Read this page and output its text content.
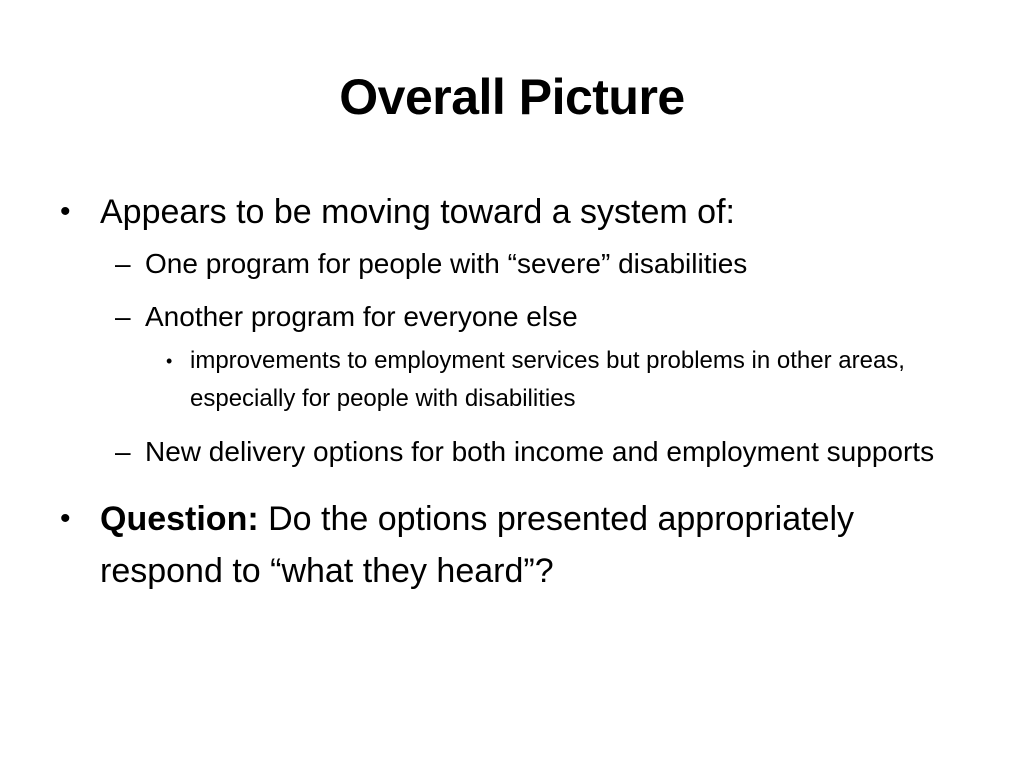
Overall Picture
• Appears to be moving toward a system of:
– One program for people with “severe” disabilities
– Another program for everyone else
• improvements to employment services but problems in other areas, especially for people with disabilities
– New delivery options for both income and employment supports
• Question: Do the options presented appropriately respond to “what they heard”?
